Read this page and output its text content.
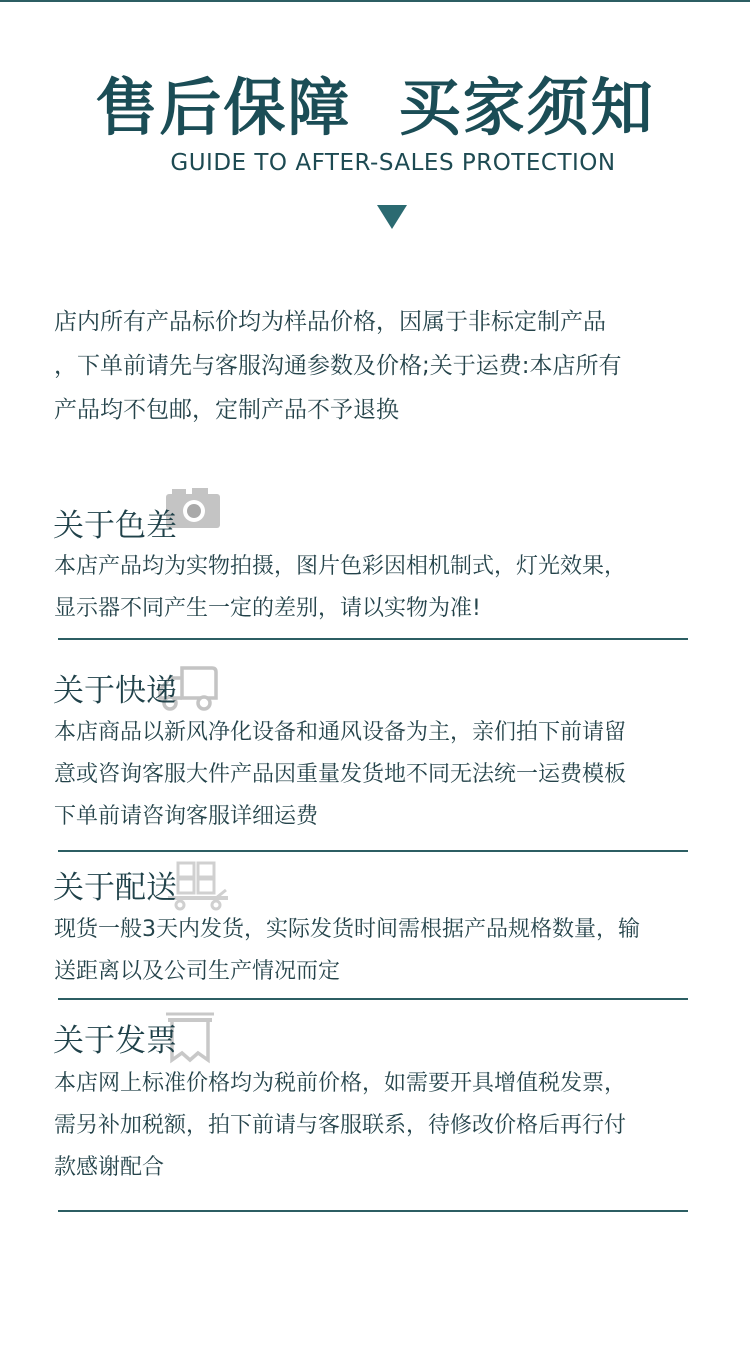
售后保障  买家须知
GUIDE TO AFTER-SALES PROTECTION
店内所有产品标价均为样品价格，因属于非标定制产品
，下单前请先与客服沟通参数及价格;关于运费:本店所有
产品均不包邮，定制产品不予退换
关于色差
本店产品均为实物拍摄，图片色彩因相机制式，灯光效果，
显示器不同产生一定的差别，请以实物为准!
关于快递
本店商品以新风净化设备和通风设备为主，亲们拍下前请留
意或咨询客服大件产品因重量发货地不同无法统一运费模板
下单前请咨询客服详细运费
关于配送
现货一般3天内发货，实际发货时间需根据产品规格数量，输
送距离以及公司生产情况而定
关于发票
本店网上标准价格均为税前价格，如需要开具增值税发票，
需另补加税额，拍下前请与客服联系，待修改价格后再行付
款感谢配合
